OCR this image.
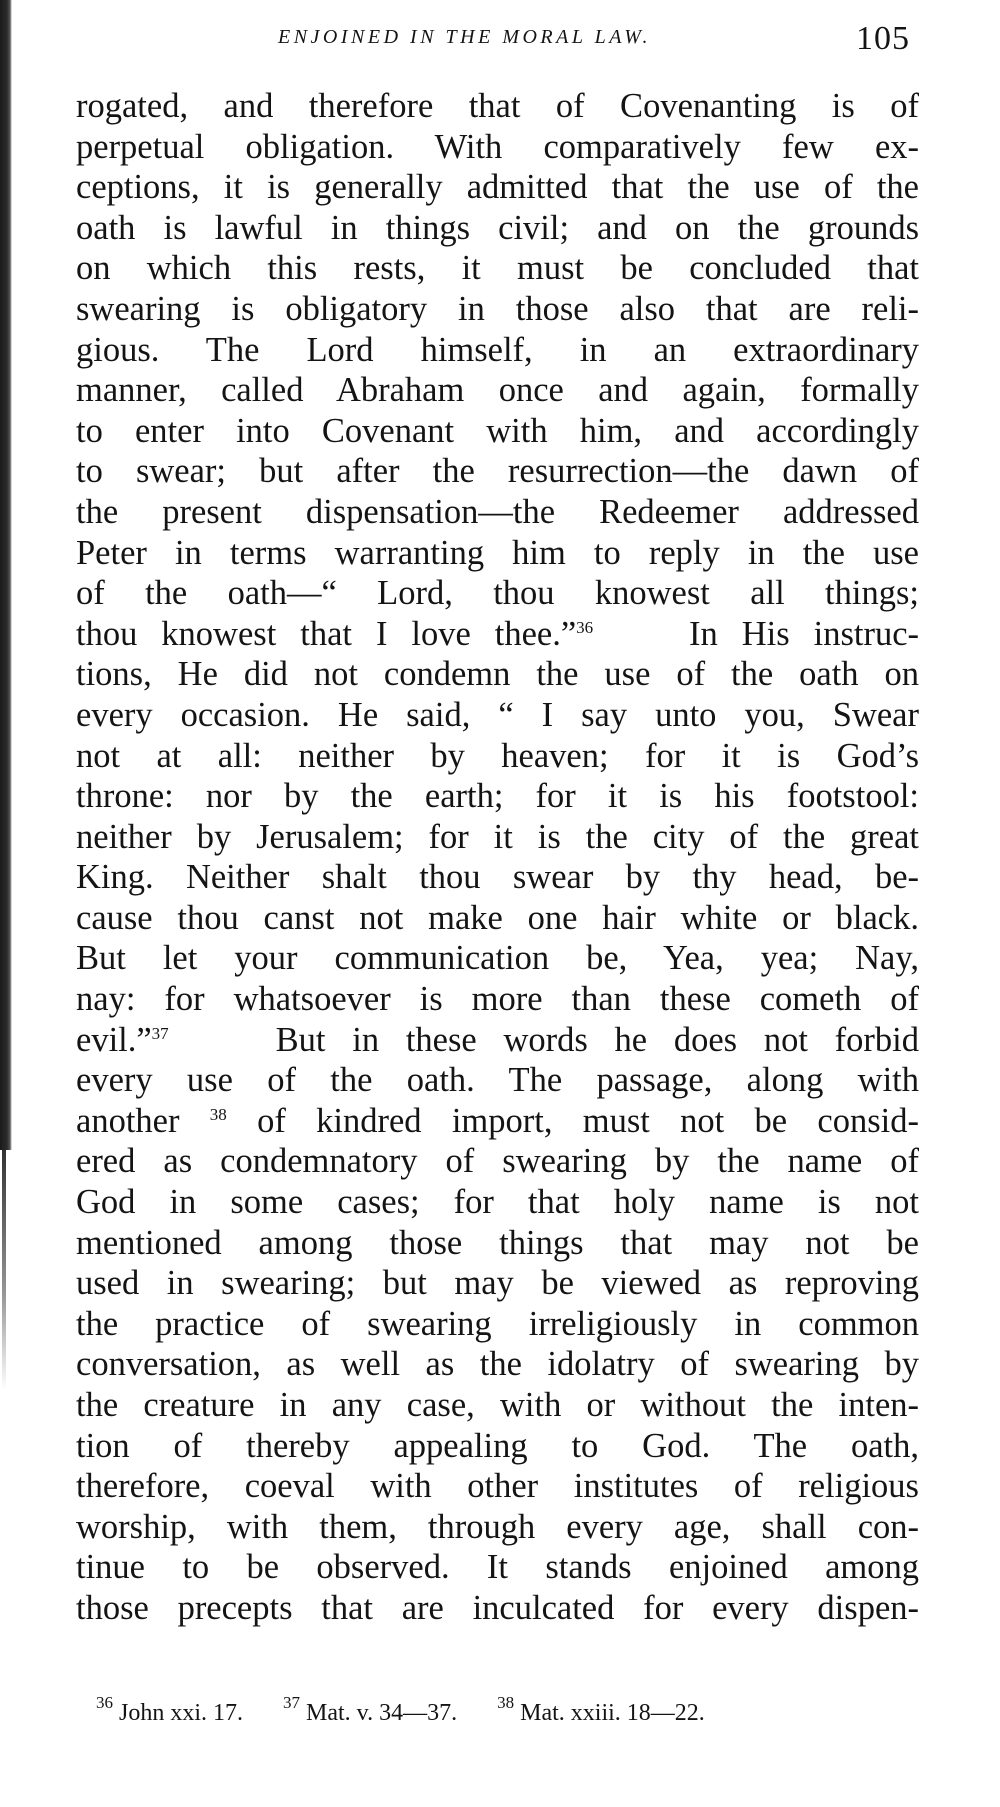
ENJOINED IN THE MORAL LAW.	105
rogated, and therefore that of Covenanting is of
perpetual obligation. With comparatively few ex-
ceptions, it is generally admitted that the use of the
oath is lawful in things civil; and on the grounds
on which this rests, it must be concluded that
swearing is obligatory in those also that are reli-
gious. The Lord himself, in an extraordinary
manner, called Abraham once and again, formally
to enter into Covenant with him, and accordingly
to swear; but after the resurrection—the dawn of
the present dispensation—the Redeemer addressed
Peter in terms warranting him to reply in the use
of the oath—“ Lord, thou knowest all things;
thou knowest that I love thee.”$^{36}$	In His instruc-
tions, He did not condemn the use of the oath on
every occasion. He said, “ I say unto you, Swear
not at all: neither by heaven; for it is God’s
throne: nor by the earth; for it is his footstool:
neither by Jerusalem; for it is the city of the great
King. Neither shalt thou swear by thy head, be-
cause thou canst not make one hair white or black.
But let your communication be, Yea, yea; Nay,
nay: for whatsoever is more than these cometh of
evil.”$^{37}$	But in these words he does not forbid
every use of the oath. The passage, along with
another $^{38}$ of kindred import, must not be consid-
ered as condemnatory of swearing by the name of
God in some cases; for that holy name is not
mentioned among those things that may not be
used in swearing; but may be viewed as reproving
the practice of swearing irreligiously in common
conversation, as well as the idolatry of swearing by
the creature in any case, with or without the inten-
tion of thereby appealing to God. The oath,
therefore, coeval with other institutes of religious
worship, with them, through every age, shall con-
tinue to be observed. It stands enjoined among
those precepts that are inculcated for every dispen-
$^{36}$ John xxi. 17. $^{37}$ Mat. v. 34—37. $^{38}$ Mat. xxiii. 18—22.
